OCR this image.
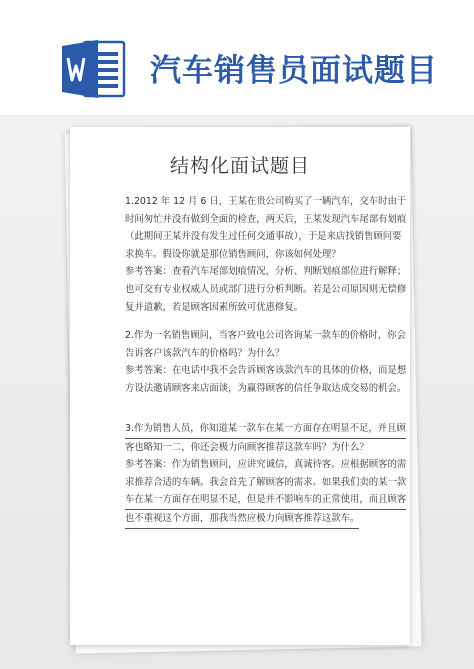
汽车销售员面试题目
结构化面试题目
1.2012 年 12 月 6 日，王某在贵公司购买了一辆汽车，交车时由于
时间匆忙并没有做到全面的检查，两天后，王某发现汽车尾部有划痕
（此期间王某并没有发生过任何交通事故），于是来店找销售顾问要
求换车。假设你就是那位销售顾问，你该如何处理？
参考答案：查看汽车尾部划痕情况，分析、判断划痕部位进行解释；
也可交有专业权威人员或部门进行分析判断。若是公司原因则无偿修
复并道歉，若是顾客因素所致可优惠修复。
2.作为一名销售顾问，当客户致电公司咨询某一款车的价格时，你会
告诉客户该款汽车的价格吗？为什么？
参考答案：在电话中我不会告诉顾客该款汽车的具体的价格，而是想
方设法邀请顾客来店面谈，为赢得顾客的信任争取达成交易的机会。
3.作为销售人员，你知道某一款车在某一方面存在明显不足，并且顾
客也略知一二，你还会极力向顾客推荐这款车吗？为什么？
参考答案：作为销售顾问，应讲究诚信，真诚待客。应根据顾客的需
求推荐合适的车辆。我会首先了解顾客的需求。如果我们卖的某一款
车在某一方面存在明显不足，但是并不影响车的正常使用，而且顾客
也不重视这个方面，那我当然应极力向顾客推荐这款车。
